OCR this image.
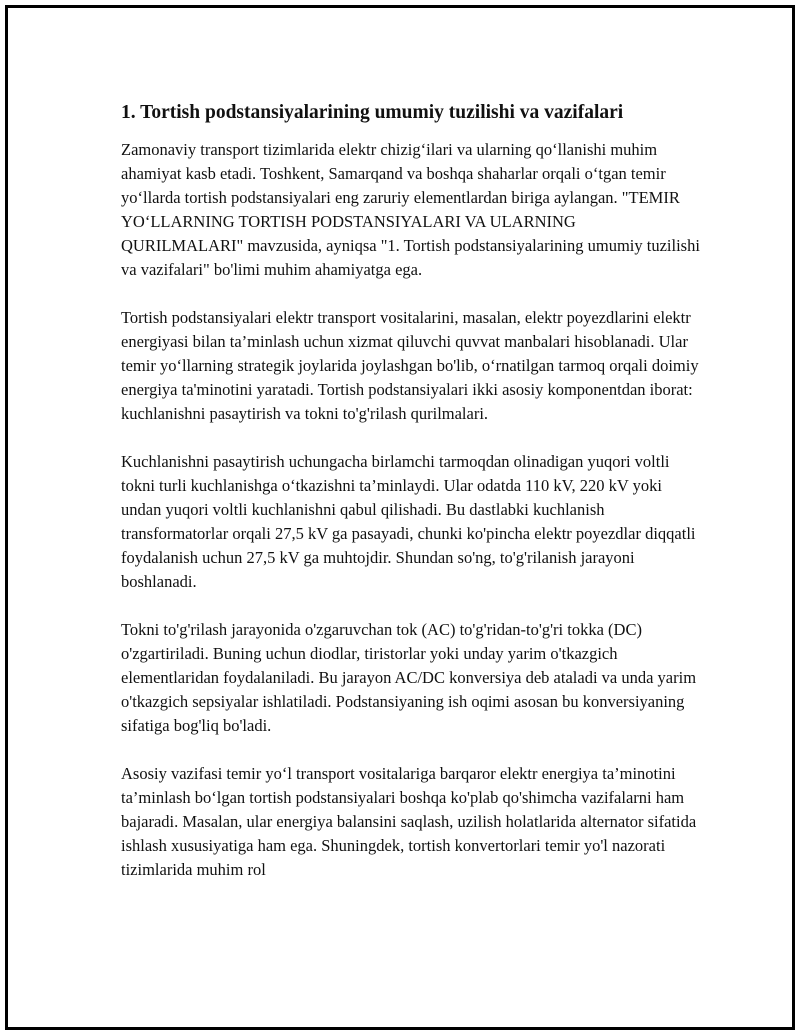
1. Tortish podstansiyalarining umumiy tuzilishi va vazifalari

Zamonaviy transport tizimlarida elektr chizig‘ilari va ularning qo‘llanishi muhim ahamiyat kasb etadi. Toshkent, Samarqand va boshqa shaharlar orqali o‘tgan temir yo‘llarda tortish podstansiyalari eng zaruriy elementlardan biriga aylangan. "TEMIR YO‘LLARNING TORTISH PODSTANSIYALARI VA ULARNING QURILMALARI" mavzusida, ayniqsa "1. Tortish podstansiyalarining umumiy tuzilishi va vazifalari" bo'limi muhim ahamiyatga ega.

Tortish podstansiyalari elektr transport vositalarini, masalan, elektr poyezdlarini elektr energiyasi bilan ta’minlash uchun xizmat qiluvchi quvvat manbalari hisoblanadi. Ular temir yo‘llarning strategik joylarida joylashgan bo'lib, o‘rnatilgan tarmoq orqali doimiy energiya ta'minotini yaratadi. Tortish podstansiyalari ikki asosiy komponentdan iborat: kuchlanishni pasaytirish va tokni to'g'rilash qurilmalari.

Kuchlanishni pasaytirish uchungacha birlamchi tarmoqdan olinadigan yuqori voltli tokni turli kuchlanishga o‘tkazishni ta’minlaydi. Ular odatda 110 kV, 220 kV yoki undan yuqori voltli kuchlanishni qabul qilishadi. Bu dastlabki kuchlanish transformatorlar orqali 27,5 kV ga pasayadi, chunki ko'pincha elektr poyezdlar diqqatli foydalanish uchun 27,5 kV ga muhtojdir. Shundan so'ng, to'g'rilanish jarayoni boshlanadi.

Tokni to'g'rilash jarayonida o'zgaruvchan tok (AC) to'g'ridan-to'g'ri tokka (DC) o'zgartiriladi. Buning uchun diodlar, tiristorlar yoki unday yarim o'tkazgich elementlaridan foydalaniladi. Bu jarayon AC/DC konversiya deb ataladi va unda yarim o'tkazgich sepsiyalar ishlatiladi. Podstansiyaning ish oqimi asosan bu konversiyaning sifatiga bog'liq bo'ladi.

Asosiy vazifasi temir yo‘l transport vositalariga barqaror elektr energiya ta’minotini ta’minlash bo‘lgan tortish podstansiyalari boshqa ko'plab qo'shimcha vazifalarni ham bajaradi. Masalan, ular energiya balansini saqlash, uzilish holatlarida alternator sifatida ishlash xususiyatiga ham ega. Shuningdek, tortish konvertorlari temir yo'l nazorati tizimlarida muhim rol
